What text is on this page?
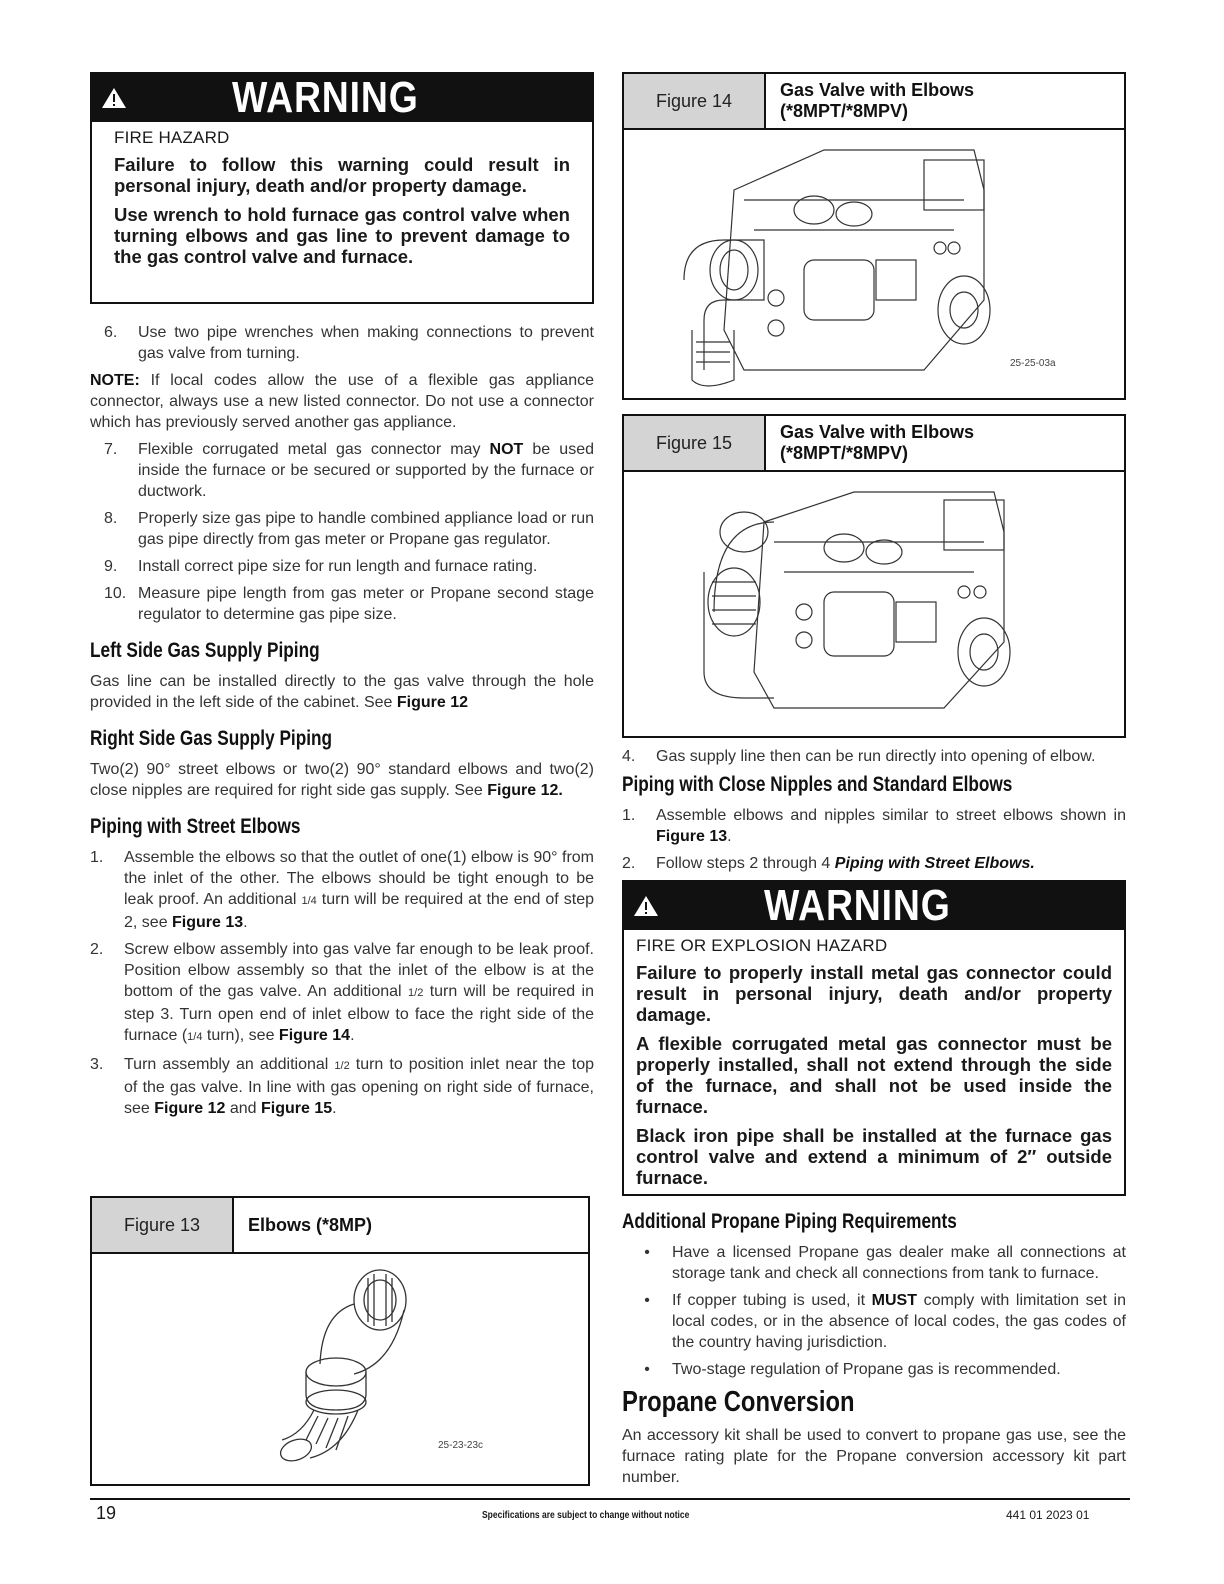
WARNING
FIRE HAZARD

Failure to follow this warning could result in personal injury, death and/or property damage.

Use wrench to hold furnace gas control valve when turning elbows and gas line to prevent damage to the gas control valve and furnace.

6.	Use two pipe wrenches when making connections to prevent gas valve from turning.

NOTE: If local codes allow the use of a flexible gas appliance connector, always use a new listed connector. Do not use a connector which has previously served another gas appliance.

7.	Flexible corrugated metal gas connector may NOT be used inside the furnace or be secured or supported by the furnace or ductwork.
8.	Properly size gas pipe to handle combined appliance load or run gas pipe directly from gas meter or Propane gas regulator.
9.	Install correct pipe size for run length and furnace rating.
10. Measure pipe length from gas meter or Propane second stage regulator to determine gas pipe size.
Left Side Gas Supply Piping

Gas line can be installed directly to the gas valve through the hole provided in the left side of the cabinet. See Figure 12

Right Side Gas Supply Piping

Two(2) 90° street elbows or two(2) 90° standard elbows and two(2) close nipples are required for right side gas supply. See Figure 12.

Piping with Street Elbows
1.	Assemble the elbows so that the outlet of one(1) elbow is 90° from the inlet of the other. The elbows should be tight enough to be leak proof. An additional 1/4 turn will be required at the end of step 2, see Figure 13.
2.	Screw elbow assembly into gas valve far enough to be leak proof. Position elbow assembly so that the inlet of the elbow is at the bottom of the gas valve. An additional 1/2 turn will be required in step 3. Turn open end of inlet elbow to face the right side of the furnace (1/4 turn), see Figure 14.
3.	Turn assembly an additional 1/2 turn to position inlet near the top of the gas valve. In line with gas opening on right side of furnace, see Figure 12 and Figure 15.
Figure 13	Elbows (*8MP)
25-23-23c
Figure 14
Gas Valve with Elbows
(*8MPT/*8MPV)
25-25-03a
Figure 15
Gas Valve with Elbows
(*8MPT/*8MPV)
4.	Gas supply line then can be run directly into opening of elbow.
Piping with Close Nipples and Standard Elbows
1.	Assemble elbows and nipples similar to street elbows shown in Figure 13.
2.	Follow steps 2 through 4 Piping with Street Elbows.
WARNING
FIRE OR EXPLOSION HAZARD

Failure to properly install metal gas connector could result in personal injury, death and/or property damage.

A flexible corrugated metal gas connector must be properly installed, shall not extend through the side of the furnace, and shall not be used inside the furnace.

Black iron pipe shall be installed at the furnace gas control valve and extend a minimum of 2″ outside furnace.

Additional Propane Piping Requirements
•	Have a licensed Propane gas dealer make all connections at storage tank and check all connections from tank to furnace.
•	If copper tubing is used, it MUST comply with limitation set in local codes, or in the absence of local codes, the gas codes of the country having jurisdiction.
•	Two-stage regulation of Propane gas is recommended.
Propane Conversion

An accessory kit shall be used to convert to propane gas use, see the furnace rating plate for the Propane conversion accessory kit part number.

19	Specifications are subject to change without notice	441 01 2023 01
